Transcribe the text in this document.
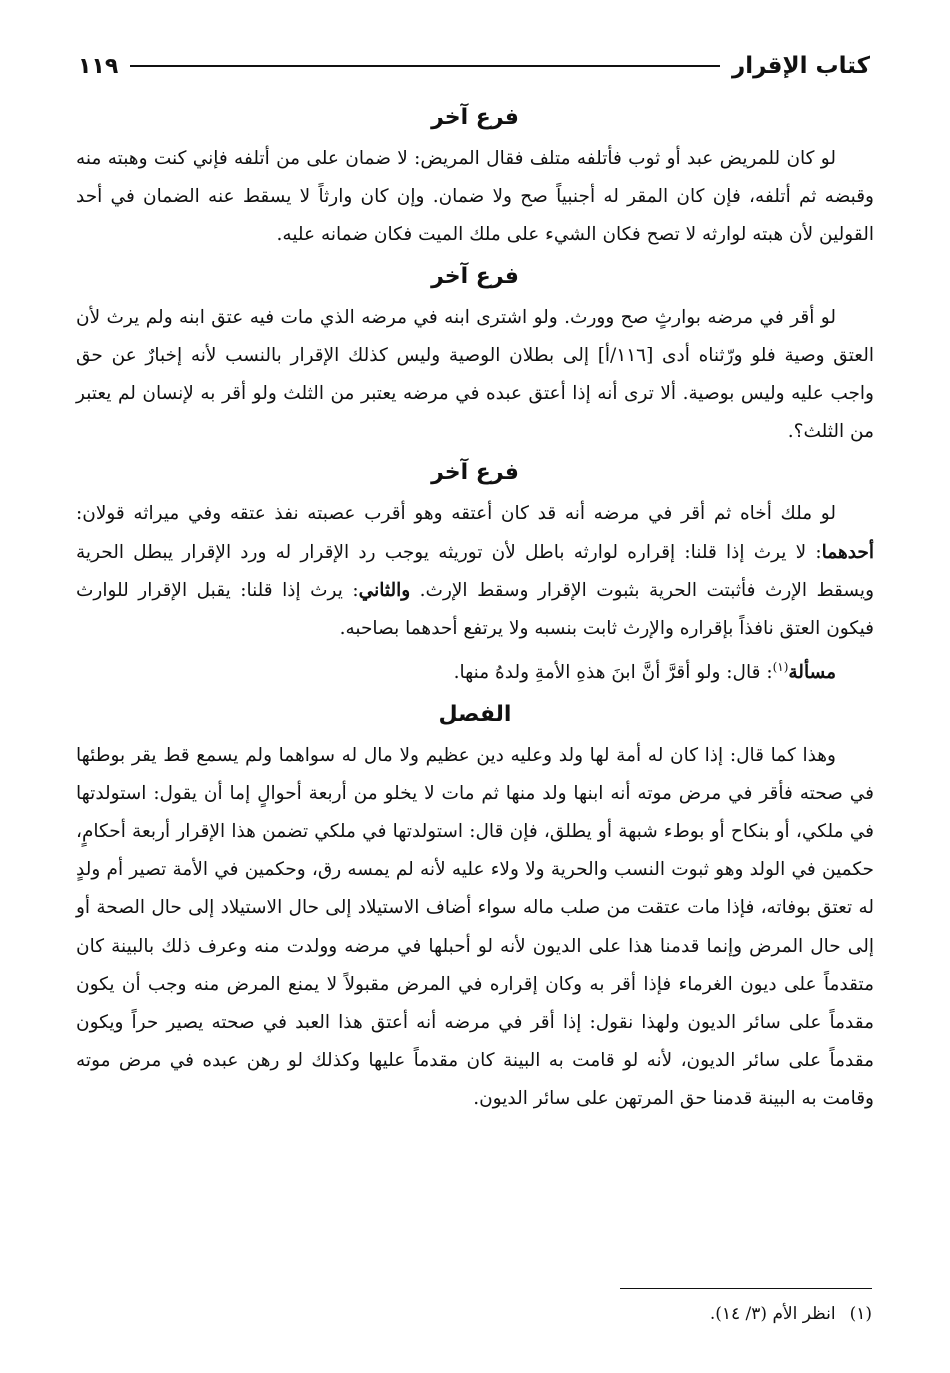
كتاب الإقرار
١١٩
فرع آخر

لو كان للمريض عبد أو ثوب فأتلفه متلف فقال المريض: لا ضمان على من أتلفه فإني كنت وهبته منه وقبضه ثم أتلفه، فإن كان المقر له أجنبياً صح ولا ضمان. وإن كان وارثاً لا يسقط عنه الضمان في أحد القولين لأن هبته لوارثه لا تصح فكان الشيء على ملك الميت فكان ضمانه عليه.

فرع آخر

لو أقر في مرضه بوارثٍ صح وورث. ولو اشترى ابنه في مرضه الذي مات فيه عتق ابنه ولم يرث لأن العتق وصية فلو ورّثناه أدى [١١٦/أ] إلى بطلان الوصية وليس كذلك الإقرار بالنسب لأنه إخبارٌ عن حق واجب عليه وليس بوصية. ألا ترى أنه إذا أعتق عبده في مرضه يعتبر من الثلث ولو أقر به لإنسان لم يعتبر من الثلث؟.

فرع آخر

لو ملك أخاه ثم أقر في مرضه أنه قد كان أعتقه وهو أقرب عصبته نفذ عتقه وفي ميراثه قولان: أحدهما: لا يرث إذا قلنا: إقراره لوارثه باطل لأن توريثه يوجب رد الإقرار له ورد الإقرار يبطل الحرية ويسقط الإرث فأثبتت الحرية بثبوت الإقرار وسقط الإرث. والثاني: يرث إذا قلنا: يقبل الإقرار للوارث فيكون العتق نافذاً بإقراره والإرث ثابت بنسبه ولا يرتفع أحدهما بصاحبه.

مسألة$^{(١)}$: قال: ولو أقرَّ أنَّ ابنَ هذهِ الأمةِ ولدهُ منها.

الفصل

وهذا كما قال: إذا كان له أمة لها ولد وعليه دين عظيم ولا مال له سواهما ولم يسمع قط يقر بوطئها في صحته فأقر في مرض موته أنه ابنها ولد منها ثم مات لا يخلو من أربعة أحوالٍ إما أن يقول: استولدتها في ملكي، أو بنكاح أو بوطء شبهة أو يطلق، فإن قال: استولدتها في ملكي تضمن هذا الإقرار أربعة أحكامٍ، حكمين في الولد وهو ثبوت النسب والحرية ولا ولاء عليه لأنه لم يمسه رق، وحكمين في الأمة تصير أم ولدٍ له تعتق بوفاته، فإذا مات عتقت من صلب ماله سواء أضاف الاستيلاد إلى حال الاستيلاد إلى حال الصحة أو إلى حال المرض وإنما قدمنا هذا على الديون لأنه لو أحبلها في مرضه وولدت منه وعرف ذلك بالبينة كان متقدماً على ديون الغرماء فإذا أقر به وكان إقراره في المرض مقبولاً لا يمنع المرض منه وجب أن يكون مقدماً على سائر الديون ولهذا نقول: إذا أقر في مرضه أنه أعتق هذا العبد في صحته يصير حراً ويكون مقدماً على سائر الديون، لأنه لو قامت به البينة كان مقدماً عليها وكذلك لو رهن عبده في مرض موته وقامت به البينة قدمنا حق المرتهن على سائر الديون.

(١)انظر الأم (٣/ ١٤).
